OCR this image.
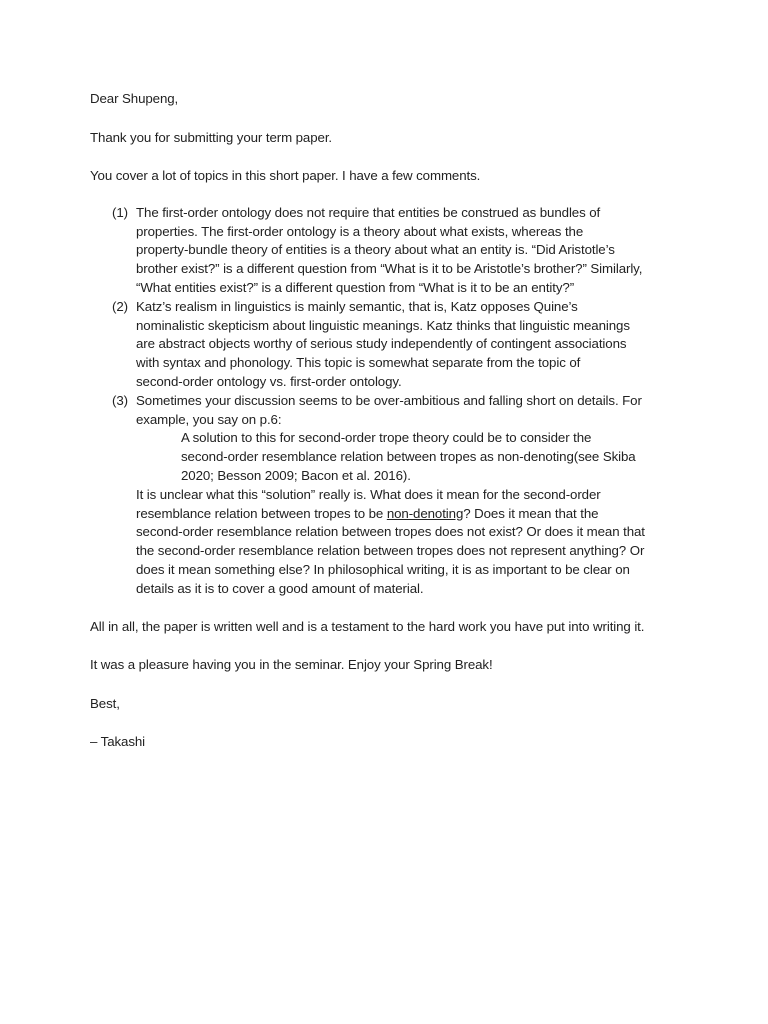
Dear Shupeng,

Thank you for submitting your term paper.

You cover a lot of topics in this short paper. I have a few comments.

(1) The first-order ontology does not require that entities be construed as bundles of
properties. The first-order ontology is a theory about what exists, whereas the
property-bundle theory of entities is a theory about what an entity is. “Did Aristotle’s
brother exist?” is a different question from “What is it to be Aristotle’s brother?” Similarly,
“What entities exist?” is a different question from “What is it to be an entity?”
(2) Katz’s realism in linguistics is mainly semantic, that is, Katz opposes Quine’s
nominalistic skepticism about linguistic meanings. Katz thinks that linguistic meanings
are abstract objects worthy of serious study independently of contingent associations
with syntax and phonology. This topic is somewhat separate from the topic of
second-order ontology vs. first-order ontology.
(3) Sometimes your discussion seems to be over-ambitious and falling short on details. For
example, you say on p.6:
A solution to this for second-order trope theory could be to consider the
second-order resemblance relation between tropes as non-denoting(see Skiba
2020; Besson 2009; Bacon et al. 2016).
It is unclear what this “solution” really is. What does it mean for the second-order
resemblance relation between tropes to be non-denoting? Does it mean that the
second-order resemblance relation between tropes does not exist? Or does it mean that
the second-order resemblance relation between tropes does not represent anything? Or
does it mean something else? In philosophical writing, it is as important to be clear on
details as it is to cover a good amount of material.

All in all, the paper is written well and is a testament to the hard work you have put into writing it.

It was a pleasure having you in the seminar. Enjoy your Spring Break!

Best,

– Takashi
